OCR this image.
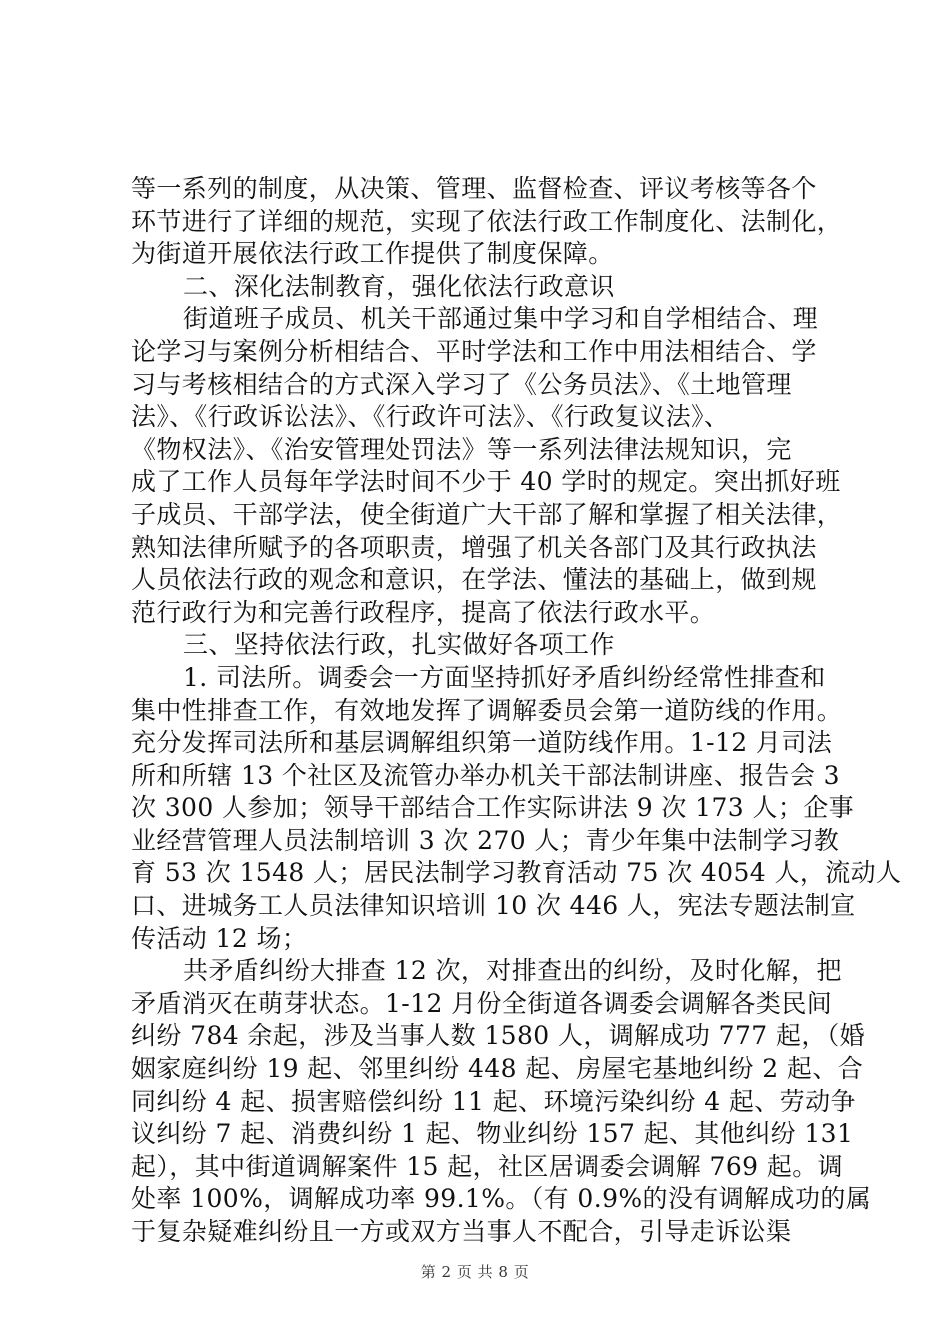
等一系列的制度，从决策、管理、监督检查、评议考核等各个
环节进行了详细的规范，实现了依法行政工作制度化、法制化，
为街道开展依法行政工作提供了制度保障。
二、深化法制教育，强化依法行政意识
街道班子成员、机关干部通过集中学习和自学相结合、理
论学习与案例分析相结合、平时学法和工作中用法相结合、学
习与考核相结合的方式深入学习了《公务员法》、《土地管理
法》、《行政诉讼法》、《行政许可法》、《行政复议法》、
《物权法》、《治安管理处罚法》等一系列法律法规知识，完
成了工作人员每年学法时间不少于 40 学时的规定。突出抓好班
子成员、干部学法，使全街道广大干部了解和掌握了相关法律，
熟知法律所赋予的各项职责，增强了机关各部门及其行政执法
人员依法行政的观念和意识，在学法、懂法的基础上，做到规
范行政行为和完善行政程序，提高了依法行政水平。
三、坚持依法行政，扎实做好各项工作
1. 司法所。调委会一方面坚持抓好矛盾纠纷经常性排查和
集中性排查工作，有效地发挥了调解委员会第一道防线的作用。
充分发挥司法所和基层调解组织第一道防线作用。1-12 月司法
所和所辖 13 个社区及流管办举办机关干部法制讲座、报告会 3
次 300 人参加；领导干部结合工作实际讲法 9 次 173 人；企事
业经营管理人员法制培训 3 次 270 人；青少年集中法制学习教
育 53 次 1548 人；居民法制学习教育活动 75 次 4054 人，流动人
口、进城务工人员法律知识培训 10 次 446 人，宪法专题法制宣
传活动 12 场；
共矛盾纠纷大排查 12 次，对排查出的纠纷，及时化解，把
矛盾消灭在萌芽状态。1-12 月份全街道各调委会调解各类民间
纠纷 784 余起，涉及当事人数 1580 人，调解成功 777 起，（婚
姻家庭纠纷 19 起、邻里纠纷 448 起、房屋宅基地纠纷 2 起、合
同纠纷 4 起、损害赔偿纠纷 11 起、环境污染纠纷 4 起、劳动争
议纠纷 7 起、消费纠纷 1 起、物业纠纷 157 起、其他纠纷 131
起），其中街道调解案件 15 起，社区居调委会调解 769 起。调
处率 100%，调解成功率 99.1%。（有 0.9%的没有调解成功的属
于复杂疑难纠纷且一方或双方当事人不配合，引导走诉讼渠
第 2 页 共 8 页
